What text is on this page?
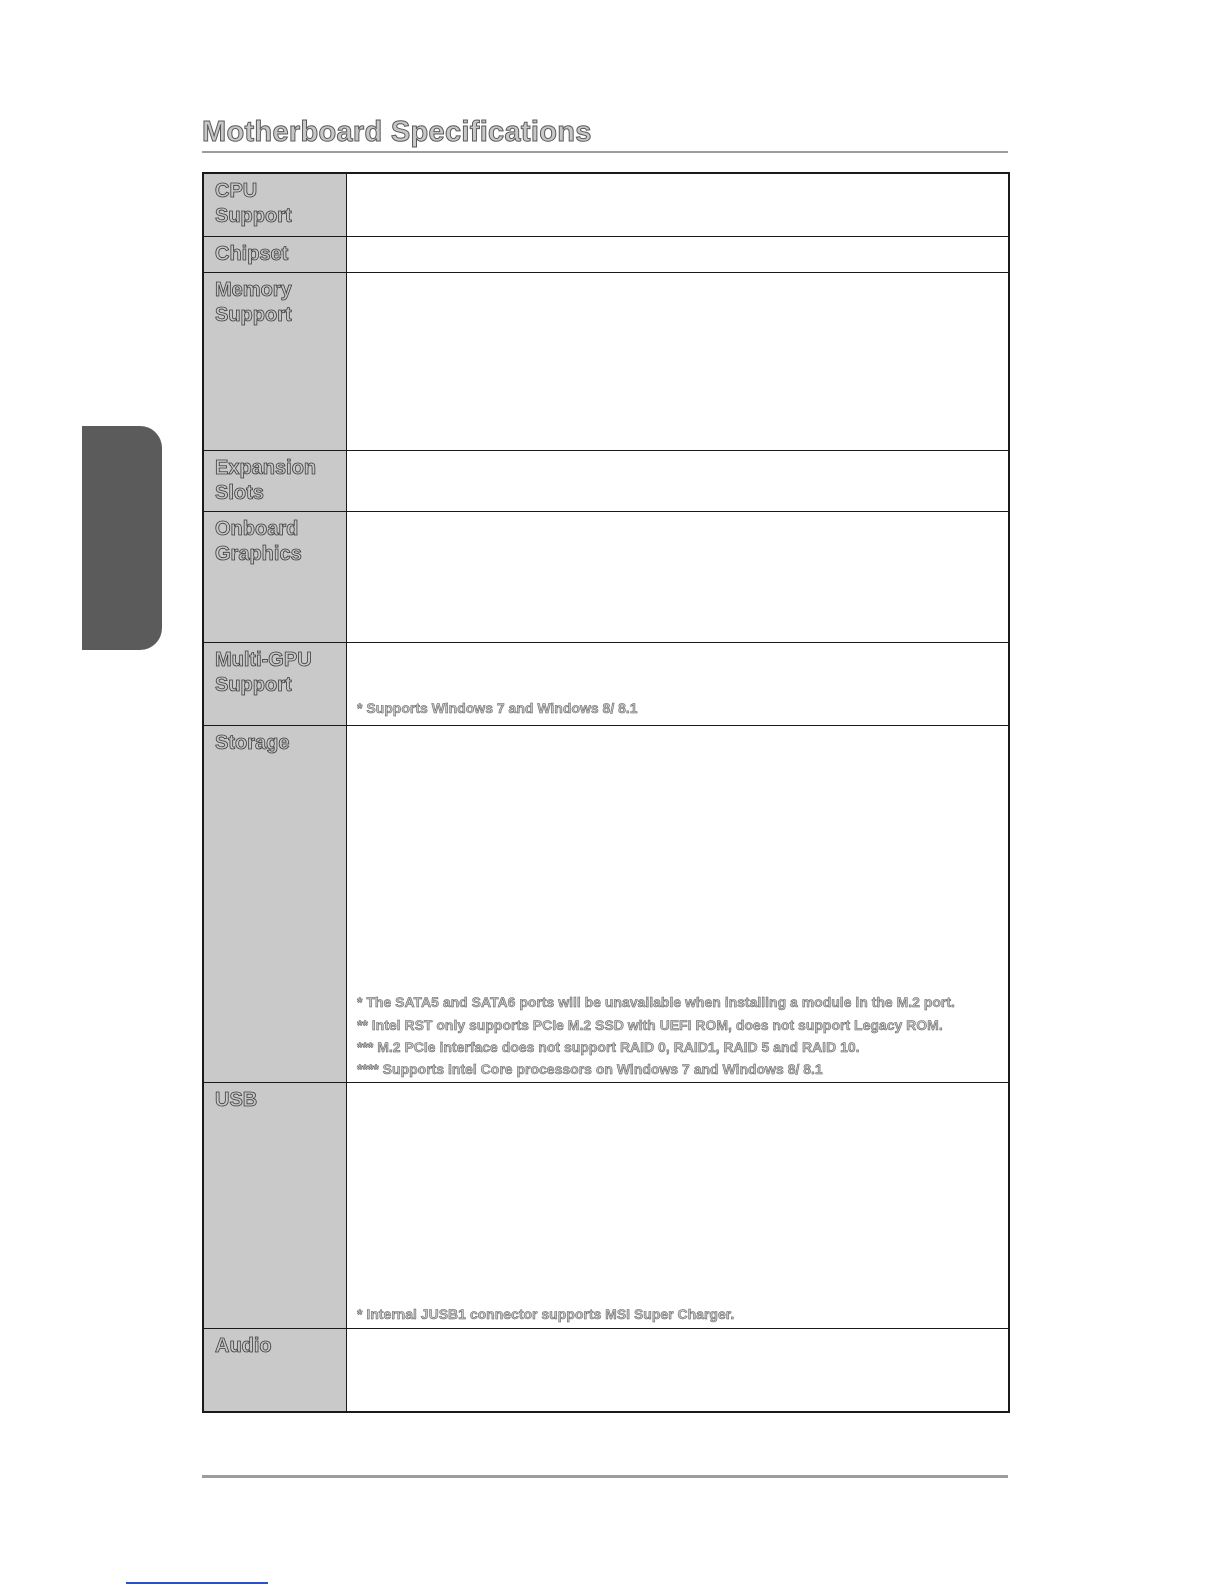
Motherboard Specifications
CPU
Support	

Chipset	

Memory
Support	

Expansion
Slots	

Onboard
Graphics	

Multi-GPU
Support	* Supports Windows 7 and Windows 8/ 8.1

Storage	* The SATA5 and SATA6 ports will be unavailable when installing a module in the M.2 port.
** Intel RST only supports PCIe M.2 SSD with UEFI ROM, does not support Legacy ROM.
*** M.2 PCIe interface does not support RAID 0, RAID1, RAID 5 and RAID 10.
**** Supports Intel Core processors on Windows 7 and Windows 8/ 8.1

USB	* Internal JUSB1 connector supports MSI Super Charger.

Audio	
